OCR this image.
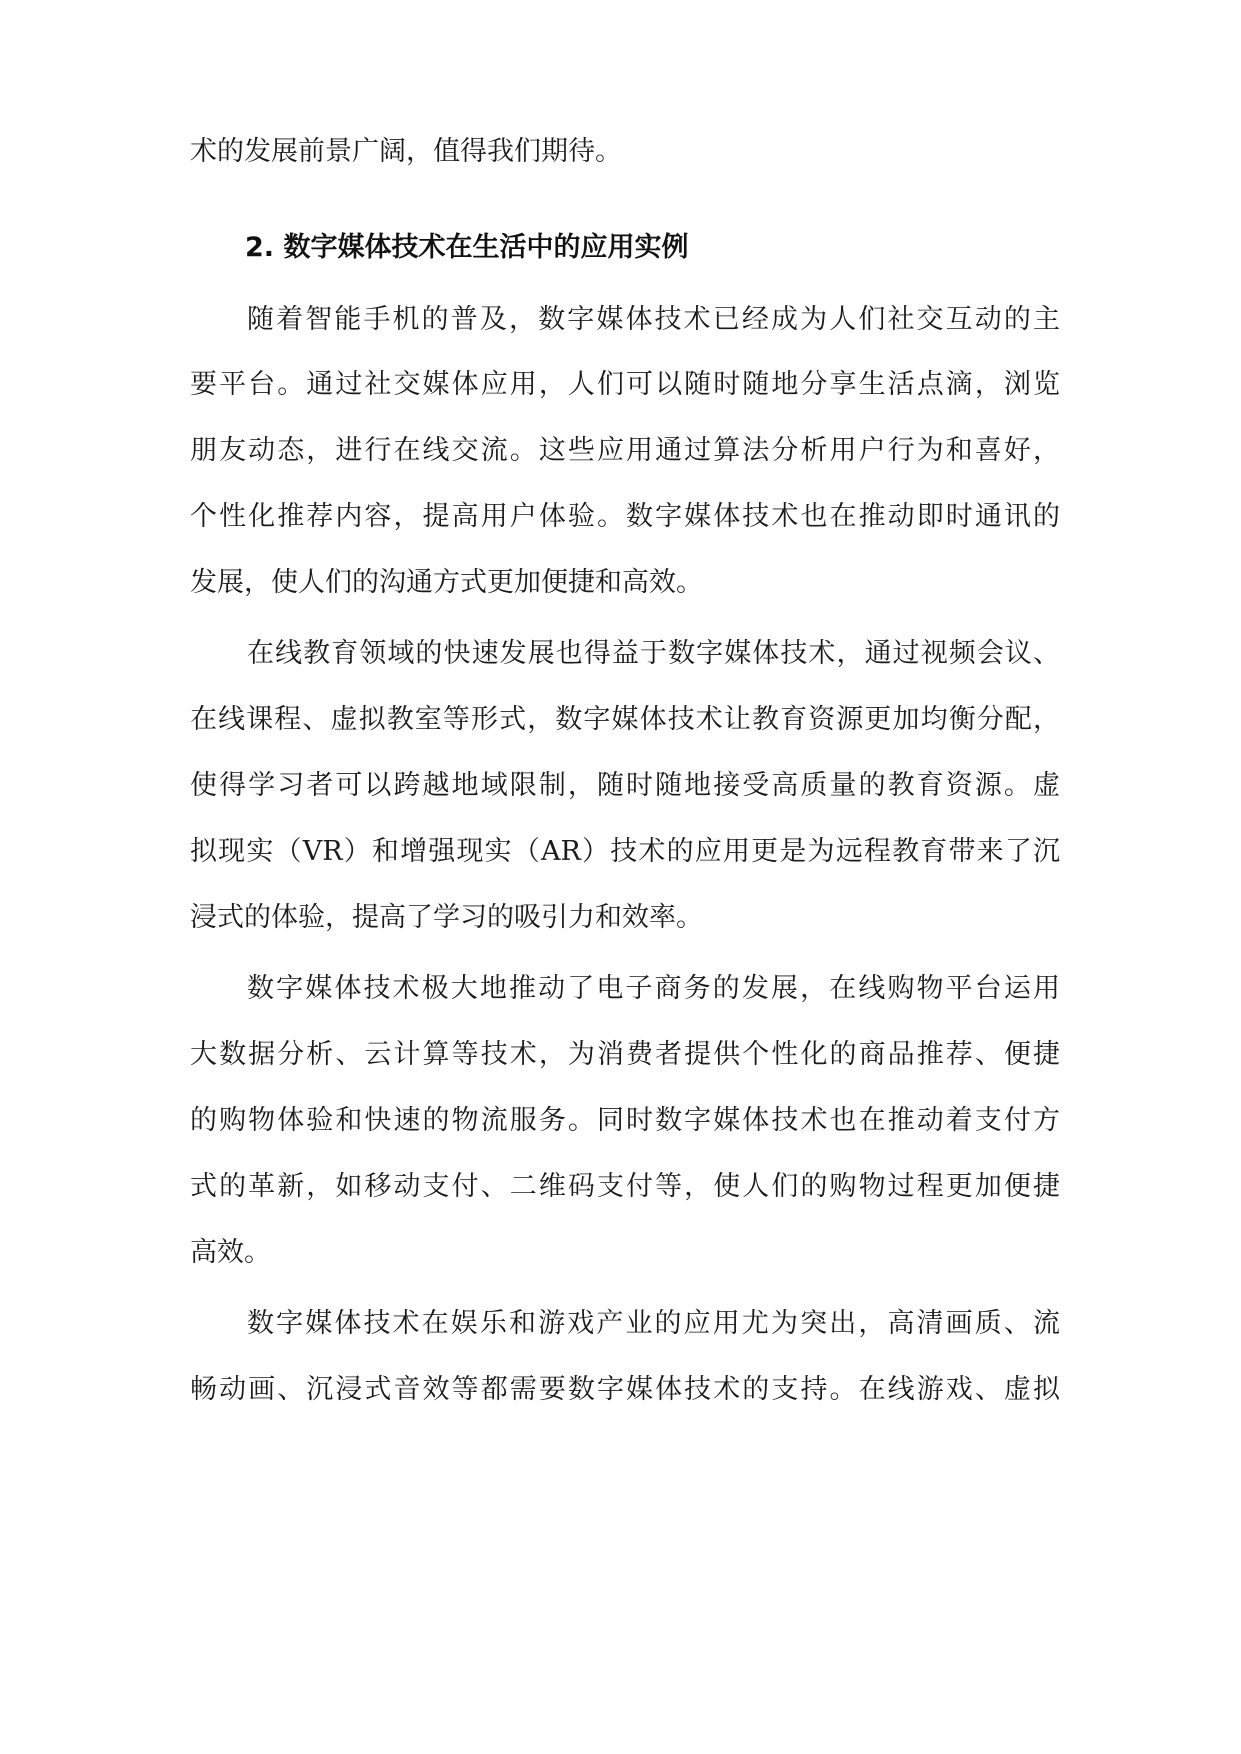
术的发展前景广阔，值得我们期待。
2. 数字媒体技术在生活中的应用实例
随着智能手机的普及，数字媒体技术已经成为人们社交互动的主
要平台。通过社交媒体应用，人们可以随时随地分享生活点滴，浏览
朋友动态，进行在线交流。这些应用通过算法分析用户行为和喜好，
个性化推荐内容，提高用户体验。数字媒体技术也在推动即时通讯的
发展，使人们的沟通方式更加便捷和高效。
在线教育领域的快速发展也得益于数字媒体技术，通过视频会议、
在线课程、虚拟教室等形式，数字媒体技术让教育资源更加均衡分配，
使得学习者可以跨越地域限制，随时随地接受高质量的教育资源。虚
拟现实（VR）和增强现实（AR）技术的应用更是为远程教育带来了沉
浸式的体验，提高了学习的吸引力和效率。
数字媒体技术极大地推动了电子商务的发展，在线购物平台运用
大数据分析、云计算等技术，为消费者提供个性化的商品推荐、便捷
的购物体验和快速的物流服务。同时数字媒体技术也在推动着支付方
式的革新，如移动支付、二维码支付等，使人们的购物过程更加便捷
高效。
数字媒体技术在娱乐和游戏产业的应用尤为突出，高清画质、流
畅动画、沉浸式音效等都需要数字媒体技术的支持。在线游戏、虚拟
